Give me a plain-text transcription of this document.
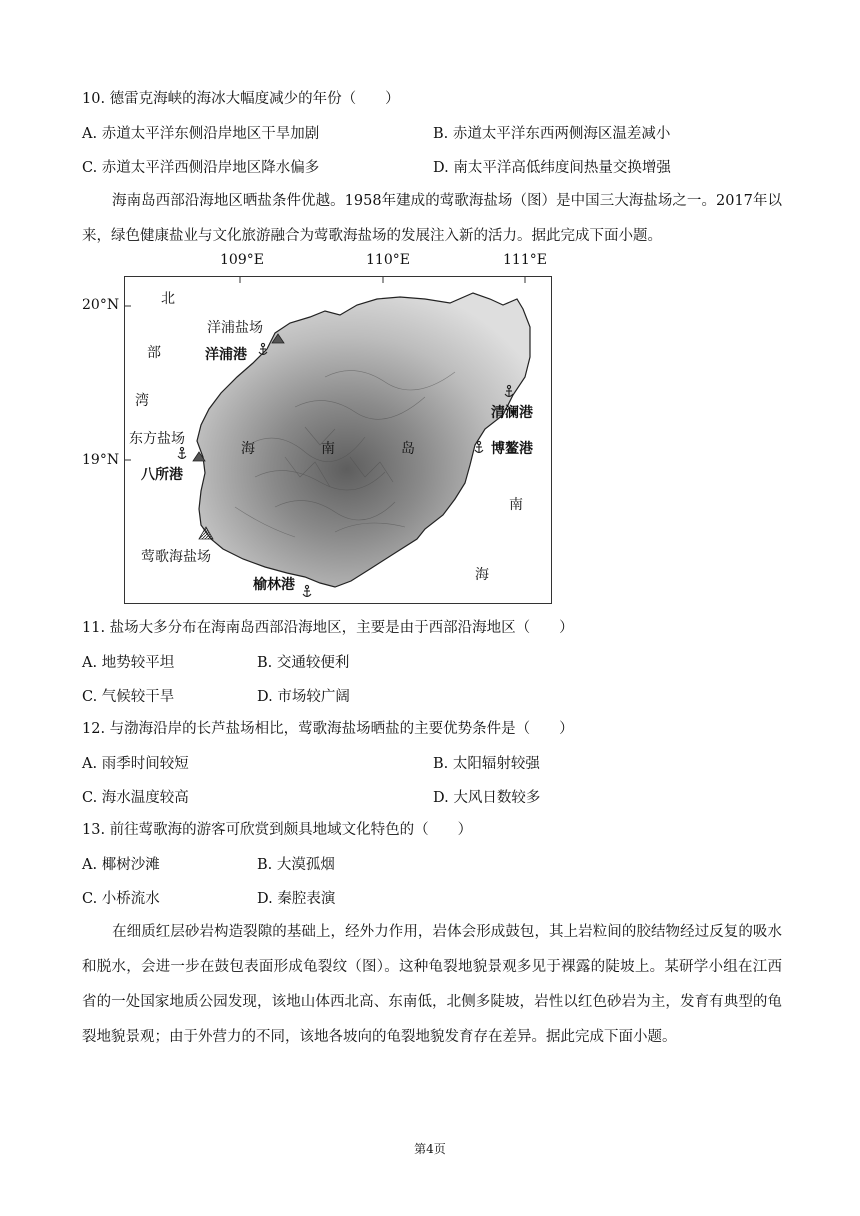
10. 德雷克海峡的海冰大幅度减少的年份（　　）
A. 赤道太平洋东侧沿岸地区干旱加剧	B. 赤道太平洋东西两侧海区温差减小
C. 赤道太平洋西侧沿岸地区降水偏多	D. 南太平洋高低纬度间热量交换增强
海南岛西部沿海地区晒盐条件优越。1958年建成的莺歌海盐场（图）是中国三大海盐场之一。2017年以来，绿色健康盐业与文化旅游融合为莺歌海盐场的发展注入新的活力。据此完成下面小题。
109°E	110°E	111°E
20°N
19°N
北
部
湾
南
海
海	南	岛
洋浦盐场
洋浦港
东方盐场
八所港
莺歌海盐场
榆林港
清澜港
博鳌港
11. 盐场大多分布在海南岛西部沿海地区，主要是由于西部沿海地区（　　）
A. 地势较平坦	B. 交通较便利
C. 气候较干旱	D. 市场较广阔
12. 与渤海沿岸的长芦盐场相比，莺歌海盐场晒盐的主要优势条件是（　　）
A. 雨季时间较短	B. 太阳辐射较强
C. 海水温度较高	D. 大风日数较多
13. 前往莺歌海的游客可欣赏到颇具地域文化特色的（　　）
A. 椰树沙滩	B. 大漠孤烟
C. 小桥流水	D. 秦腔表演
在细质红层砂岩构造裂隙的基础上，经外力作用，岩体会形成鼓包，其上岩粒间的胶结物经过反复的吸水和脱水，会进一步在鼓包表面形成龟裂纹（图）。这种龟裂地貌景观多见于裸露的陡坡上。某研学小组在江西省的一处国家地质公园发现，该地山体西北高、东南低，北侧多陡坡，岩性以红色砂岩为主，发育有典型的龟裂地貌景观；由于外营力的不同，该地各坡向的龟裂地貌发育存在差异。据此完成下面小题。
第4页
